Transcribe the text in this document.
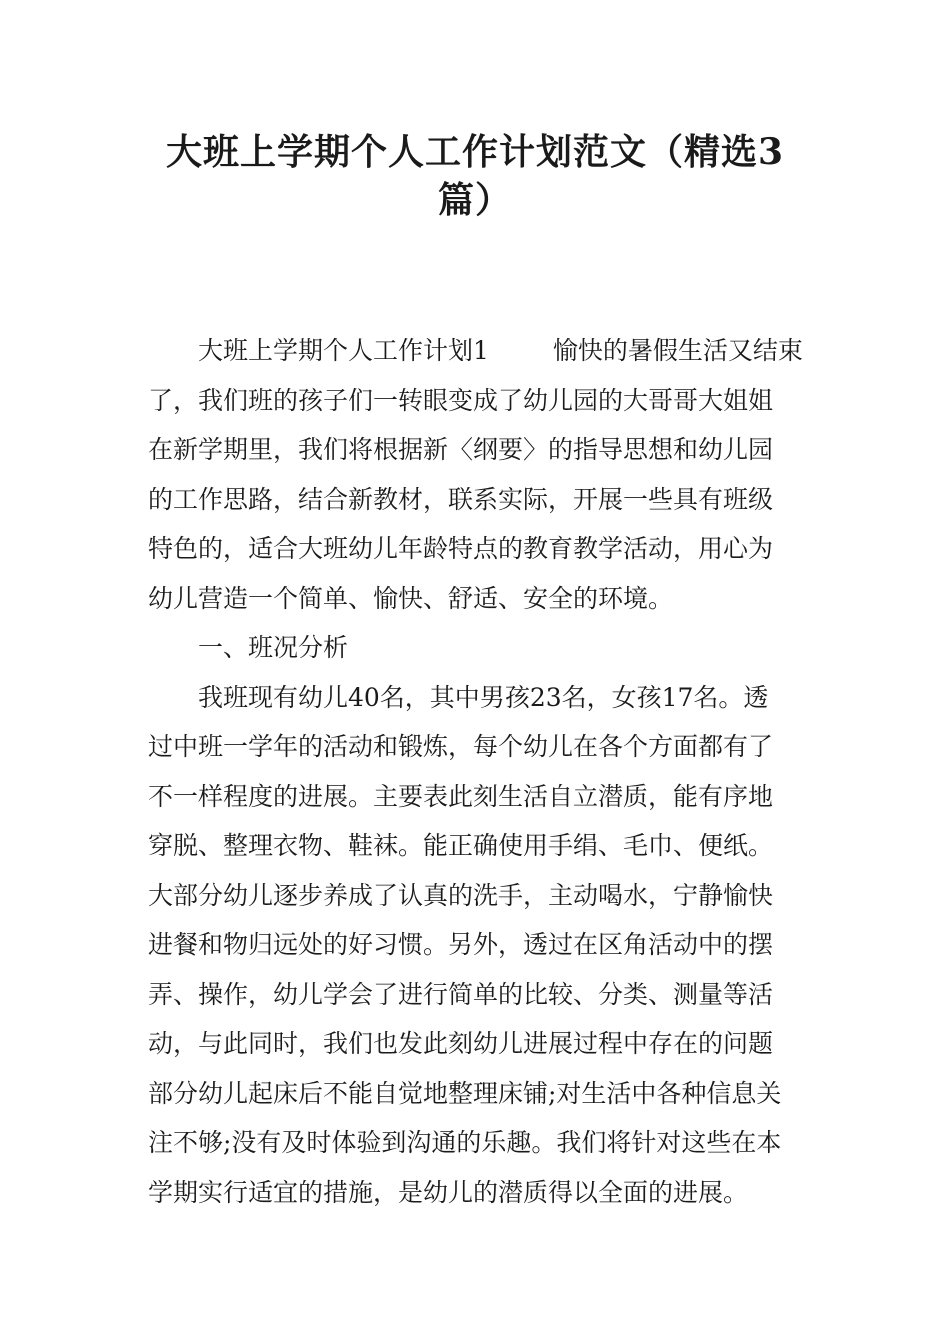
大班上学期个人工作计划范文（精选3
篇）
大班上学期个人工作计划1	愉快的暑假生活又结束
了，我们班的孩子们一转眼变成了幼儿园的大哥哥大姐姐
在新学期里，我们将根据新〈纲要〉的指导思想和幼儿园
的工作思路，结合新教材，联系实际，开展一些具有班级
特色的，适合大班幼儿年龄特点的教育教学活动，用心为
幼儿营造一个简单、愉快、舒适、安全的环境。
一、班况分析
我班现有幼儿40名，其中男孩23名，女孩17名。透
过中班一学年的活动和锻炼，每个幼儿在各个方面都有了
不一样程度的进展。主要表此刻生活自立潜质，能有序地
穿脱、整理衣物、鞋袜。能正确使用手绢、毛巾、便纸。
大部分幼儿逐步养成了认真的洗手，主动喝水，宁静愉快
进餐和物归远处的好习惯。另外，透过在区角活动中的摆
弄、操作，幼儿学会了进行简单的比较、分类、测量等活
动，与此同时，我们也发此刻幼儿进展过程中存在的问题
部分幼儿起床后不能自觉地整理床铺;对生活中各种信息关
注不够;没有及时体验到沟通的乐趣。我们将针对这些在本
学期实行适宜的措施，是幼儿的潜质得以全面的进展。
